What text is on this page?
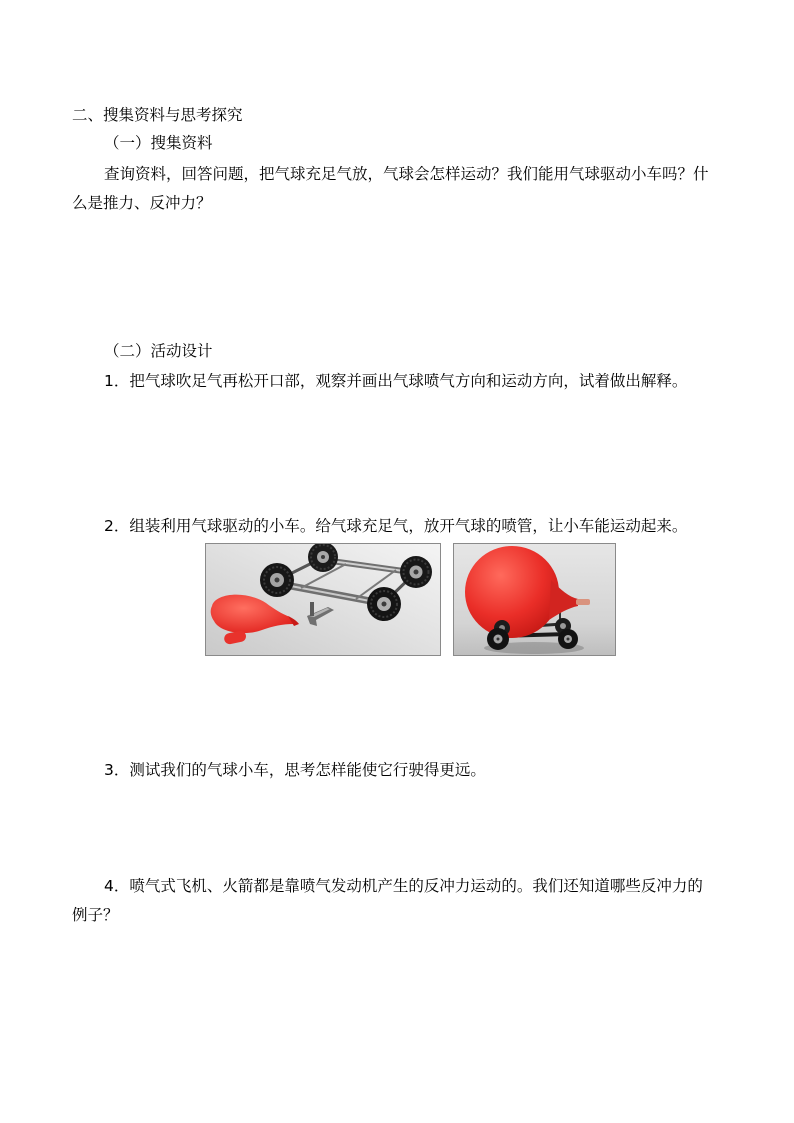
二、搜集资料与思考探究
（一）搜集资料
查询资料，回答问题，把气球充足气放，气球会怎样运动？我们能用气球驱动小车吗？什
么是推力、反冲力？
（二）活动设计
1．把气球吹足气再松开口部，观察并画出气球喷气方向和运动方向，试着做出解释。
2．组装利用气球驱动的小车。给气球充足气，放开气球的喷管，让小车能运动起来。
3．测试我们的气球小车，思考怎样能使它行驶得更远。
4．喷气式飞机、火箭都是靠喷气发动机产生的反冲力运动的。我们还知道哪些反冲力的
例子？
